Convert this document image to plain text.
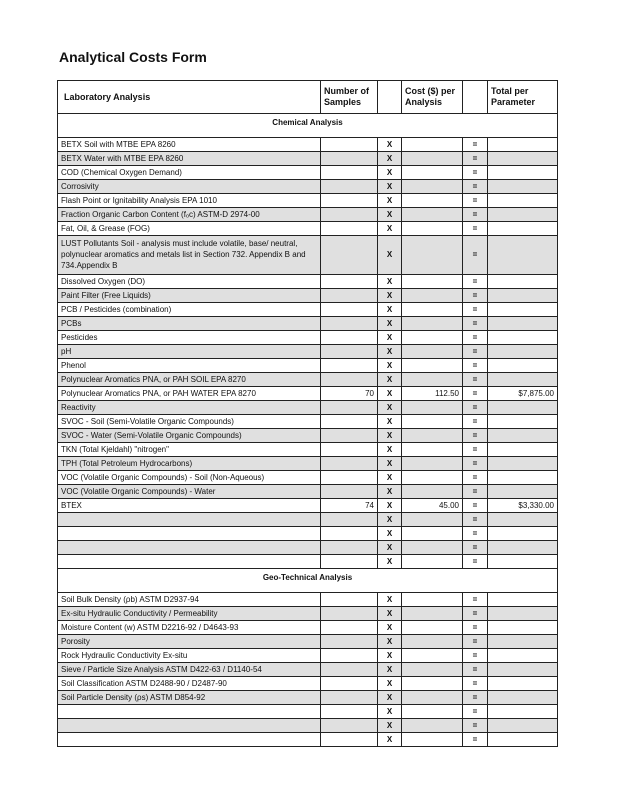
Analytical Costs Form
Laboratory Analysis	Number of Samples		Cost ($) per Analysis		Total per Parameter
Chemical Analysis					

BETX Soil with MTBE EPA 8260		X		=	
BETX Water with MTBE EPA 8260		X		=	
COD (Chemical Oxygen Demand)		X		=	
Corrosivity		X		=	
Flash Point or Ignitability Analysis EPA 1010		X		=	
Fraction Organic Carbon Content (fₒc) ASTM-D 2974-00		X		=	
Fat, Oil, & Grease (FOG)		X		=	
LUST Pollutants Soil - analysis must include volatile, base/ neutral, polynuclear aromatics and metals list in Section 732. Appendix B and 734.Appendix B		X		=	
Dissolved Oxygen (DO)		X		=	
Paint Filter (Free Liquids)		X		=	
PCB / Pesticides (combination)		X		=	
PCBs		X		=	
Pesticides		X		=	
pH		X		=	
Phenol		X		=	
Polynuclear Aromatics PNA, or PAH SOIL EPA 8270		X		=	
Polynuclear Aromatics PNA, or PAH WATER EPA 8270	70	X	112.50	=	$7,875.00
Reactivity		X		=	
SVOC - Soil (Semi-Volatile Organic Compounds)		X		=	
SVOC - Water (Semi-Volatile Organic Compounds)		X		=	
TKN (Total Kjeldahl) "nitrogen"		X		=	
TPH (Total Petroleum Hydrocarbons)		X		=	
VOC (Volatile Organic Compounds) - Soil (Non-Aqueous)		X		=	
VOC (Volatile Organic Compounds) - Water		X		=	
BTEX	74	X	45.00	=	$3,330.00
		X		=	
		X		=	
		X		=	
		X		=	
Geo-Technical Analysis					

Soil Bulk Density (ρb) ASTM D2937-94		X		=	
Ex-situ Hydraulic Conductivity / Permeability		X		=	
Moisture Content (w) ASTM D2216-92 / D4643-93		X		=	
Porosity		X		=	
Rock Hydraulic Conductivity Ex-situ		X		=	
Sieve / Particle Size Analysis ASTM D422-63 / D1140-54		X		=	
Soil Classification ASTM D2488-90 / D2487-90		X		=	
Soil Particle Density (ρs) ASTM D854-92		X		=	
		X		=	
		X		=	
		X		=	
